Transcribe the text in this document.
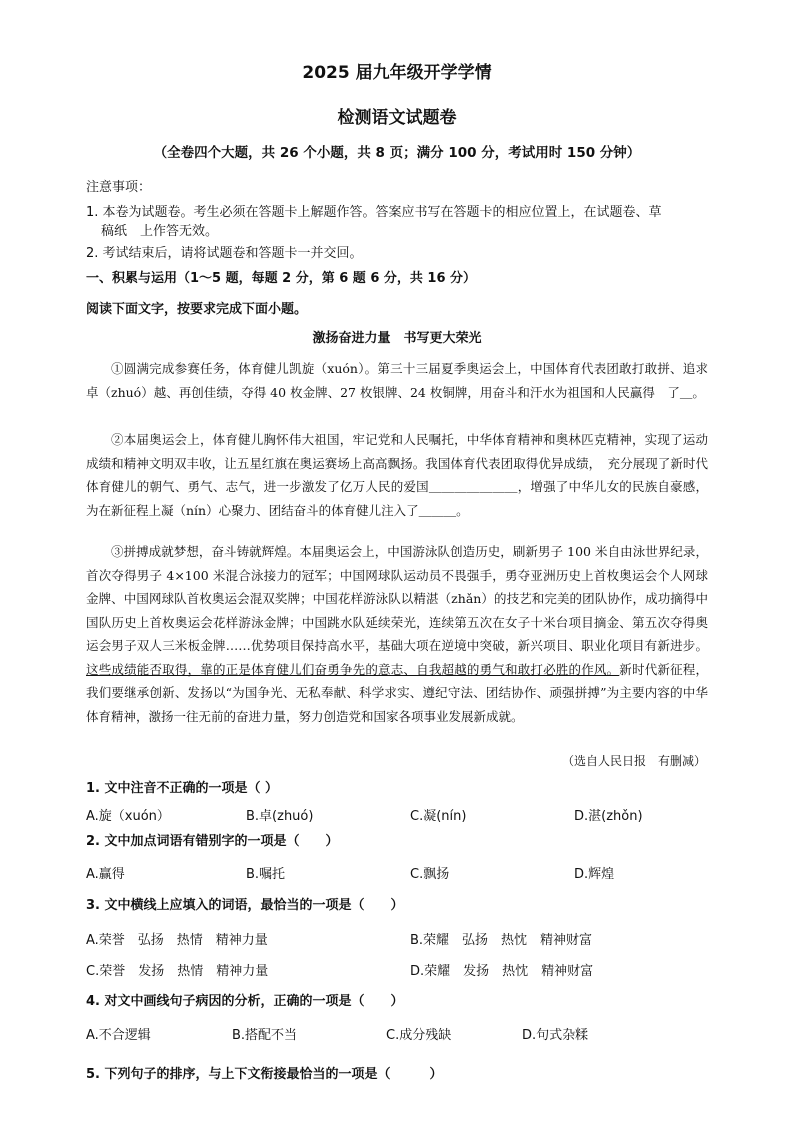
2025 届九年级开学学情
检测语文试题卷
（全卷四个大题，共 26 个小题，共 8 页；满分 100 分，考试用时 150 分钟）
注意事项：
1. 本卷为试题卷。考生必须在答题卡上解题作答。答案应书写在答题卡的相应位置上，在试题卷、草
稿纸　上作答无效。
2. 考试结束后，请将试题卷和答题卡一并交回。
一、积累与运用（1～5 题，每题 2 分，第 6 题 6 分，共 16 分）
阅读下面文字，按要求完成下面小题。
激扬奋进力量　书写更大荣光
①圆满完成参赛任务，体育健儿凯旋（xuón）。第三十三届夏季奥运会上，中国体育代表团敢打敢拼、追求卓（zhuó）越、再创佳绩，夺得 40 枚金牌、27 枚银牌、24 枚铜牌，用奋斗和汗水为祖国和人民赢得　了＿。
②本届奥运会上，体育健儿胸怀伟大祖国，牢记党和人民嘱托，中华体育精神和奥林匹克精神，实现了运动成绩和精神文明双丰收，让五星红旗在奥运赛场上高高飘扬。我国体育代表团取得优异成绩，　充分展现了新时代体育健儿的朝气、勇气、志气，进一步激发了亿万人民的爱国＿＿＿＿＿＿＿，增强了中华儿女的民族自豪感，为在新征程上凝（nín）心聚力、团结奋斗的体育健儿注入了＿＿＿。
③拼搏成就梦想，奋斗铸就辉煌。本届奥运会上，中国游泳队创造历史，刷新男子 100 米自由泳世界纪录，首次夺得男子 4×100 米混合泳接力的冠军；中国网球队运动员不畏强手，勇夺亚洲历史上首枚奥运会个人网球金牌、中国网球队首枚奥运会混双奖牌；中国花样游泳队以精湛（zhǎn）的技艺和完美的团队协作，成功摘得中国队历史上首枚奥运会花样游泳金牌；中国跳水队延续荣光，连续第五次在女子十米台项目摘金、第五次夺得奥运会男子双人三米板金牌……优势项目保持高水平，基础大项在逆境中突破，新兴项目、职业化项目有新进步。这些成绩能否取得，靠的正是体育健儿们奋勇争先的意志、自我超越的勇气和敢打必胜的作风。新时代新征程，我们要继承创新、发扬以“为国争光、无私奉献、科学求实、遵纪守法、团结协作、顽强拼搏”为主要内容的中华体育精神，激扬一往无前的奋进力量，努力创造党和国家各项事业发展新成就。
（选自人民日报　有删减）
1. 文中注音不正确的一项是（ ）
A.旋（xuón）	B.卓(zhuó)	C.凝(nín)	D.湛(zhǒn)
2. 文中加点词语有错别字的一项是（　　）
A.赢得	B.嘱托	C.飘扬	D.辉煌
3. 文中横线上应填入的词语，最恰当的一项是（　　）
A.荣誉　弘扬　热情　精神力量	B.荣耀　弘扬　热忱　精神财富
C.荣誉　发扬　热情　精神力量	D.荣耀　发扬　热忱　精神财富
4. 对文中画线句子病因的分析，正确的一项是（　　）
A.不合逻辑	B.搭配不当	C.成分残缺	D.句式杂糅
5. 下列句子的排序，与上下文衔接最恰当的一项是（　　　）
